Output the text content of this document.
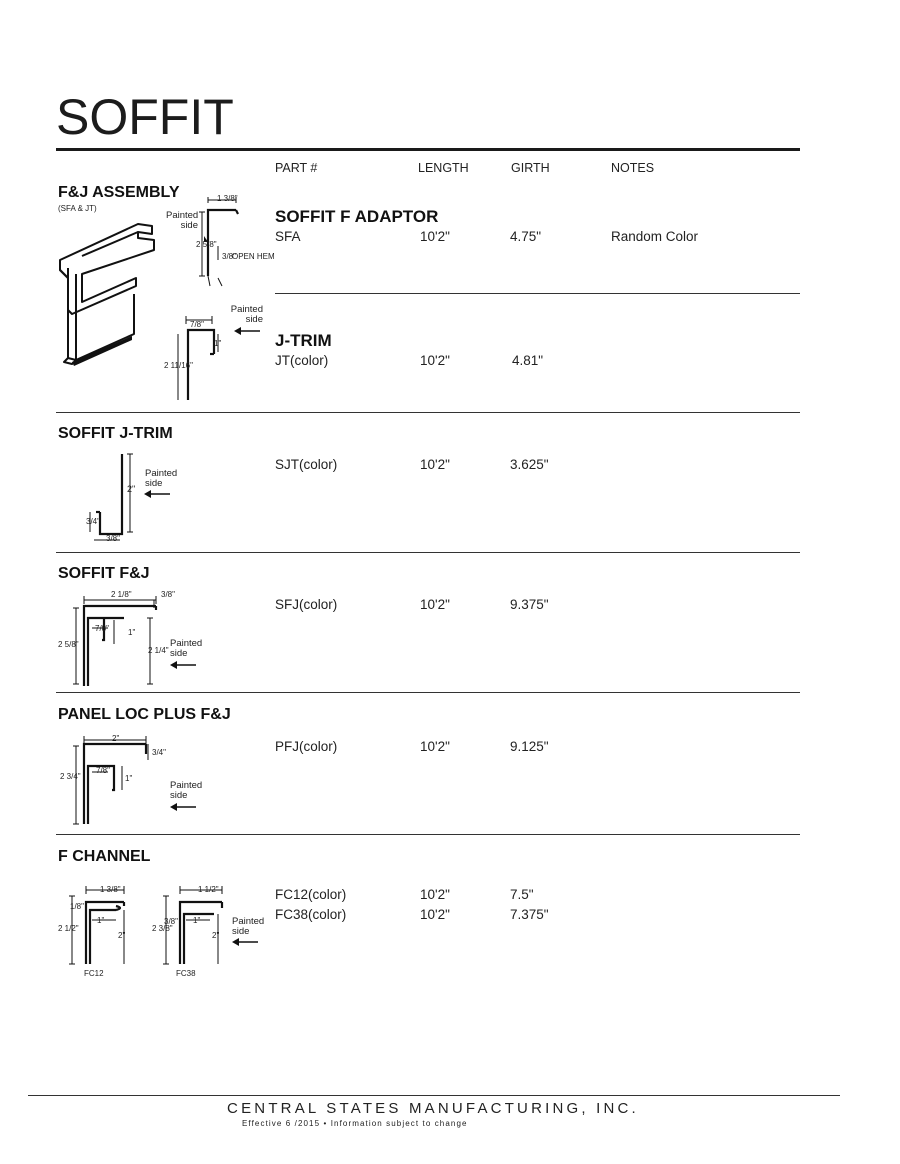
SOFFIT
PART #	LENGTH	GIRTH	NOTES
F&J ASSEMBLY
(SFA & JT)
Painted
side
1 3/8"
2 5/8"
3/8"
OPEN HEM
Painted
side
7/8"
1"
2 11/16"
SOFFIT F ADAPTOR
SFA	10'2"	4.75"	Random Color
J-TRIM
JT(color)	10'2"	4.81"
SOFFIT J-TRIM
2"
3/4"
3/8"
Painted
side
SJT(color)	10'2"	3.625"
SOFFIT F&J
2 1/8"	3/8"
7/8" 1"
2 5/8"
2 1/4"
Painted
side
SFJ(color)	10'2"	9.375"
PANEL LOC PLUS F&J
2"
3/4"
7/8"
1"
2 3/4"
Painted
side
PFJ(color)	10'2"	9.125"
F CHANNEL
1 3/8"
1/8"
1"
2 1/2"
2"
FC12
1 1/2"
3/8" 1"
2 3/8"
2"
FC38
Painted
side
FC12(color)	10'2"	7.5"
FC38(color)	10'2"	7.375"
CENTRAL STATES MANUFACTURING, INC.
Effective 6 /2015 • Information subject to change
